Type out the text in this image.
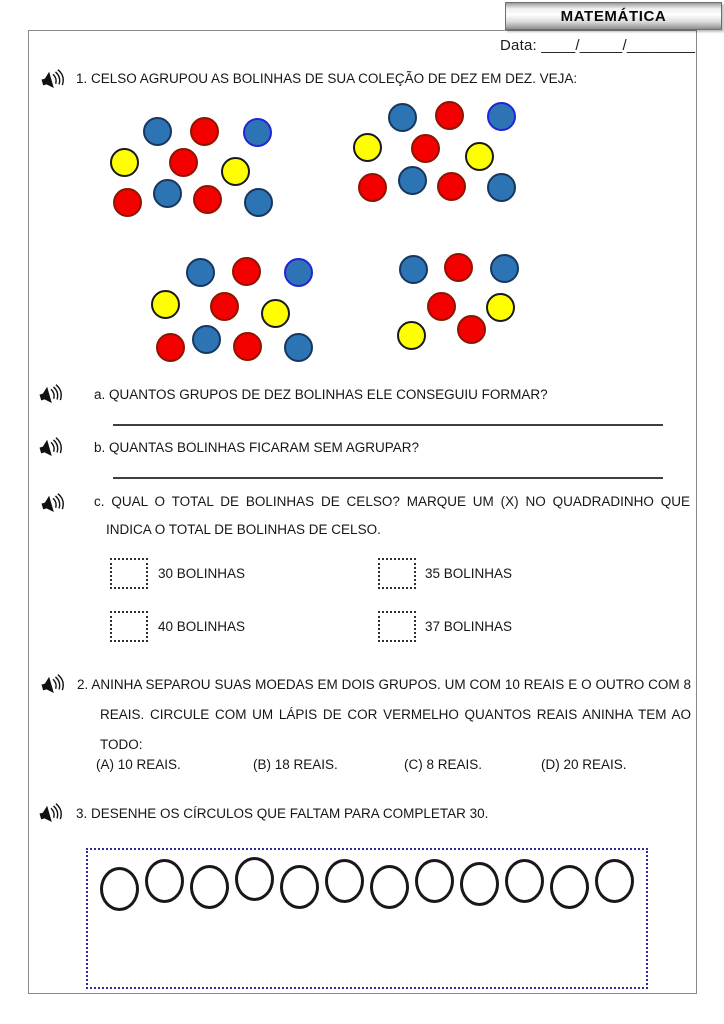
MATEMÁTICA
Data: ____/_____/________
1. CELSO AGRUPOU AS BOLINHAS DE SUA COLEÇÃO DE DEZ EM DEZ. VEJA:
a. QUANTOS GRUPOS DE DEZ BOLINHAS ELE CONSEGUIU FORMAR?
b. QUANTAS BOLINHAS FICARAM SEM AGRUPAR?
c. QUAL O TOTAL DE BOLINHAS DE CELSO? MARQUE UM (X) NO QUADRADINHO QUE INDICA O TOTAL DE BOLINHAS DE CELSO.
30 BOLINHAS	35 BOLINHAS
40 BOLINHAS	37 BOLINHAS
2. ANINHA SEPAROU SUAS MOEDAS EM DOIS GRUPOS. UM COM 10 REAIS E O OUTRO COM 8 REAIS. CIRCULE COM UM LÁPIS DE COR VERMELHO QUANTOS REAIS ANINHA TEM AO TODO:
(A) 10 REAIS.	(B) 18 REAIS.	(C) 8 REAIS.	(D) 20 REAIS.
3. DESENHE OS CÍRCULOS QUE FALTAM PARA COMPLETAR 30.
